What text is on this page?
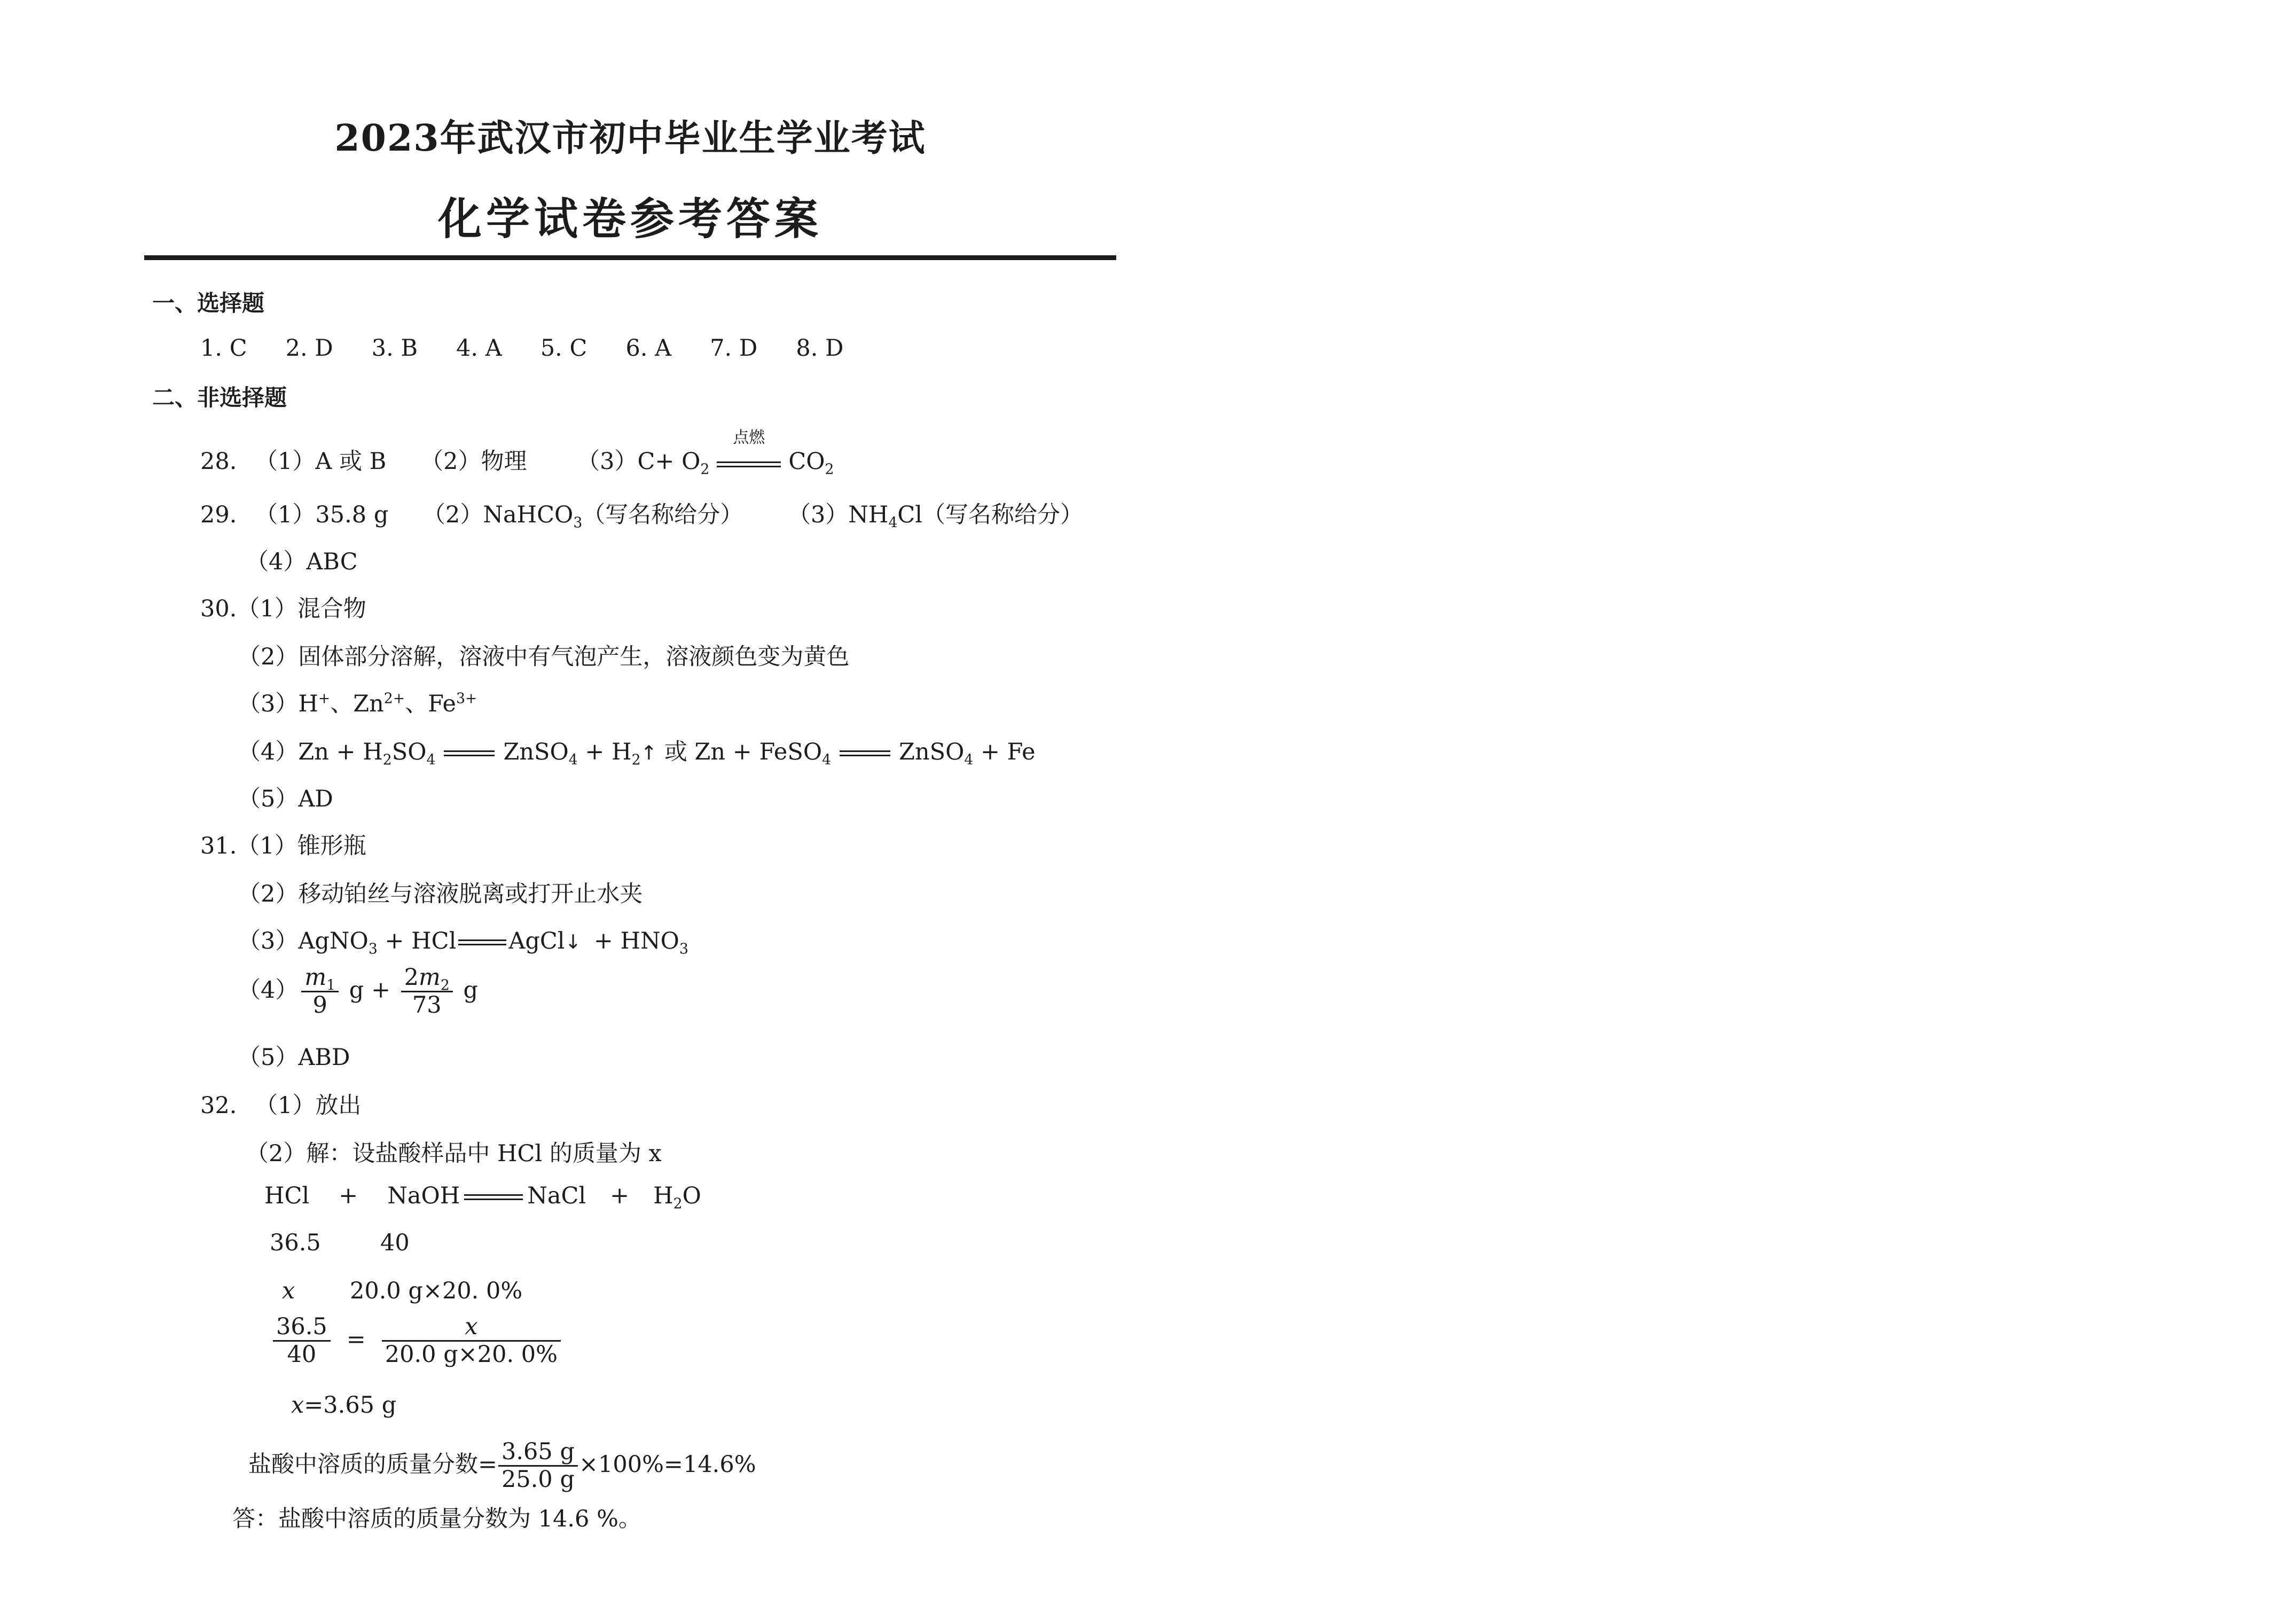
2023年武汉市初中毕业生学业考试
化学试卷参考答案
一、选择题
1. C 2. D 3. B 4. A 5. C 6. A 7. D 8. D
二、非选择题
28. （1）A 或 B （2）物理 $(3)C+ O_2$
点燃
$CO_2$
29. （1）35.8 g （2）NaHCO$_3$（写名称给分） $(3)NH_4Cl$（写名称给分）
（4）ABC
30.（1）混合物
（2）固体部分溶解，溶液中有气泡产生，溶液颜色变为黄色
（3）H+、$Zn^{2+}$、$Fe^{3+}$
$(4)Zn + H_2SO_4$	ZnSO$_4$ + $H_2↑$ 或 Zn + FeSO$_4$	ZnSO$_4$ + Fe
（5）AD
31.（1）锥形瓶
（2）移动铂丝与溶液脱离或打开止水夹
（3）AgNO$_3$ + HCl AgCl↓ + $HNO_3$
$(4) \frac{m_1}{9}$ $g + \frac{2m_2}{73}$ g
（5）ABD
32. （1）放出
（2）解：设盐酸样品中 HCl 的质量为 x
HCl + NaOH	NaCl + $H_2O$
36.5	40
x 20.0 g×20. 0%
$\frac{36.5}{40} = \frac{x}{20.0 g\times 20. 0\%}$
x=3.65 g
盐酸中溶质的质量分数= $\frac{3.65 g}{25.0 g} \times 100\%=14.6\%$
答：盐酸中溶质的质量分数为 14.6 %。
